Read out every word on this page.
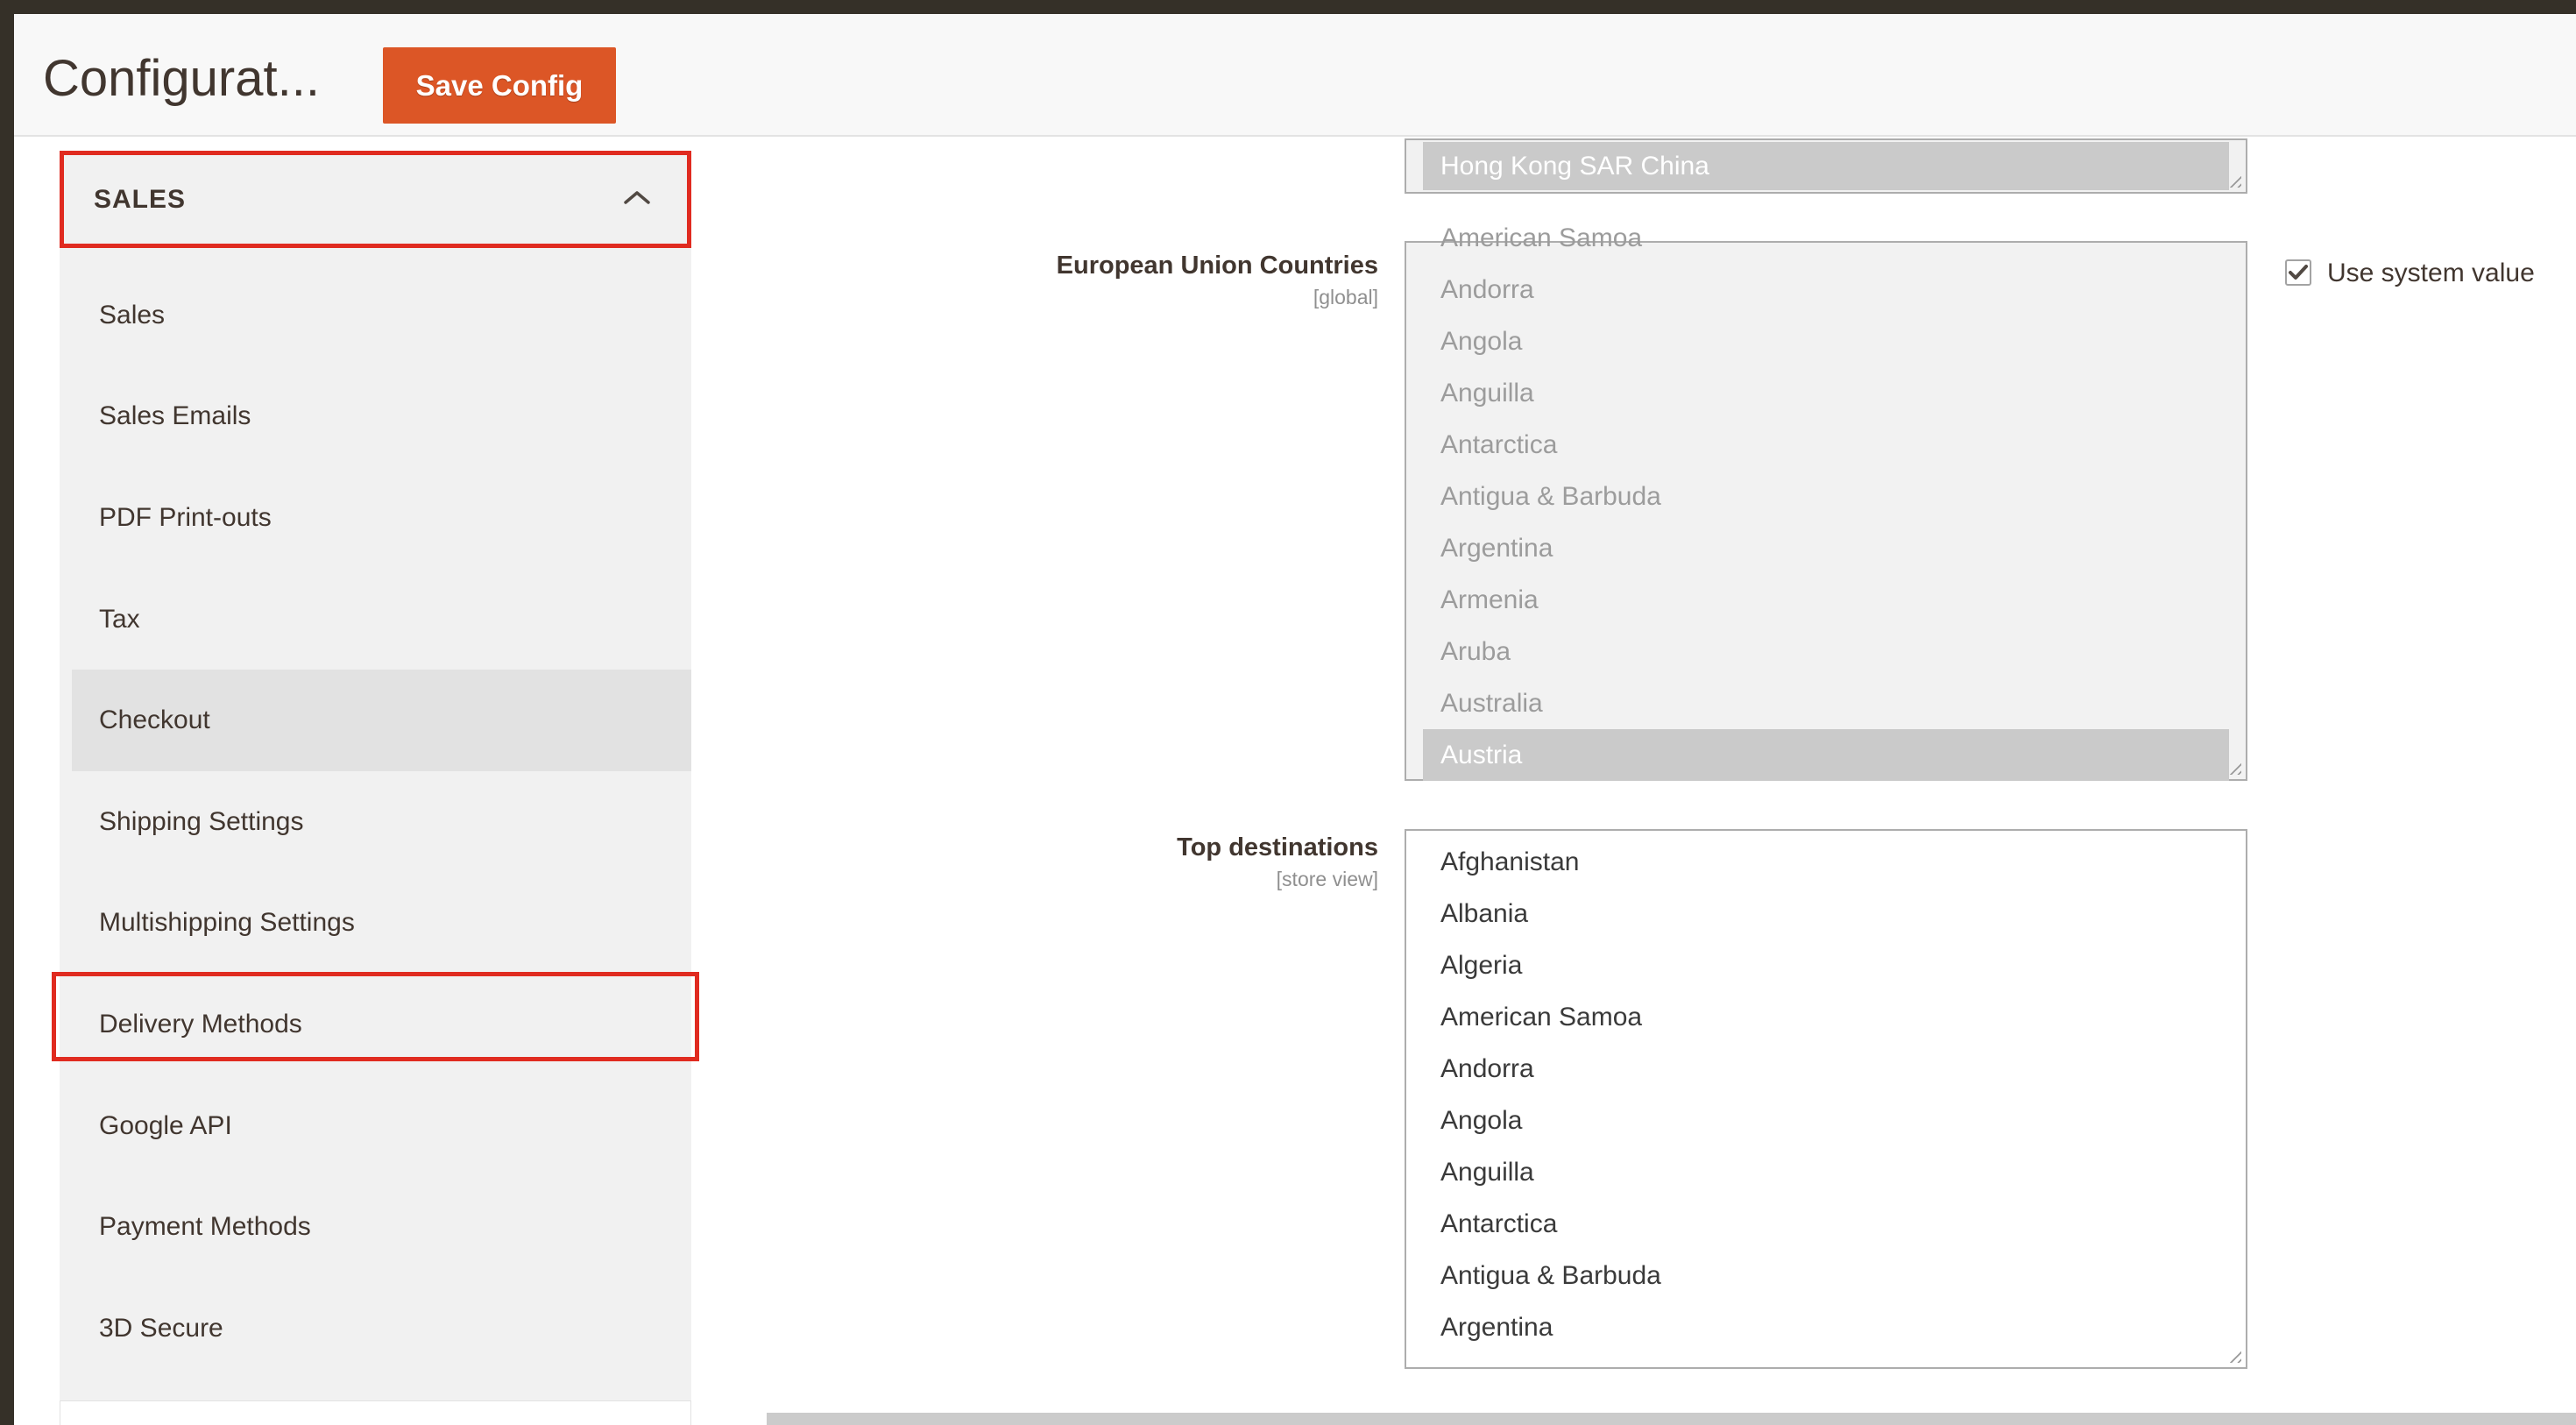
Configurat...	Save Config
SALES
Sales
Sales Emails
PDF Print-outs
Tax
Checkout
Shipping Settings
Multishipping Settings
Delivery Methods
Google API
Payment Methods
3D Secure
Hong Kong SAR China
European Union Countries
[global]
American Samoa
Andorra
Angola
Anguilla
Antarctica
Antigua & Barbuda
Argentina
Armenia
Aruba
Australia
Austria
Use system value
Top destinations
[store view]
Afghanistan
Albania
Algeria
American Samoa
Andorra
Angola
Anguilla
Antarctica
Antigua & Barbuda
Argentina
